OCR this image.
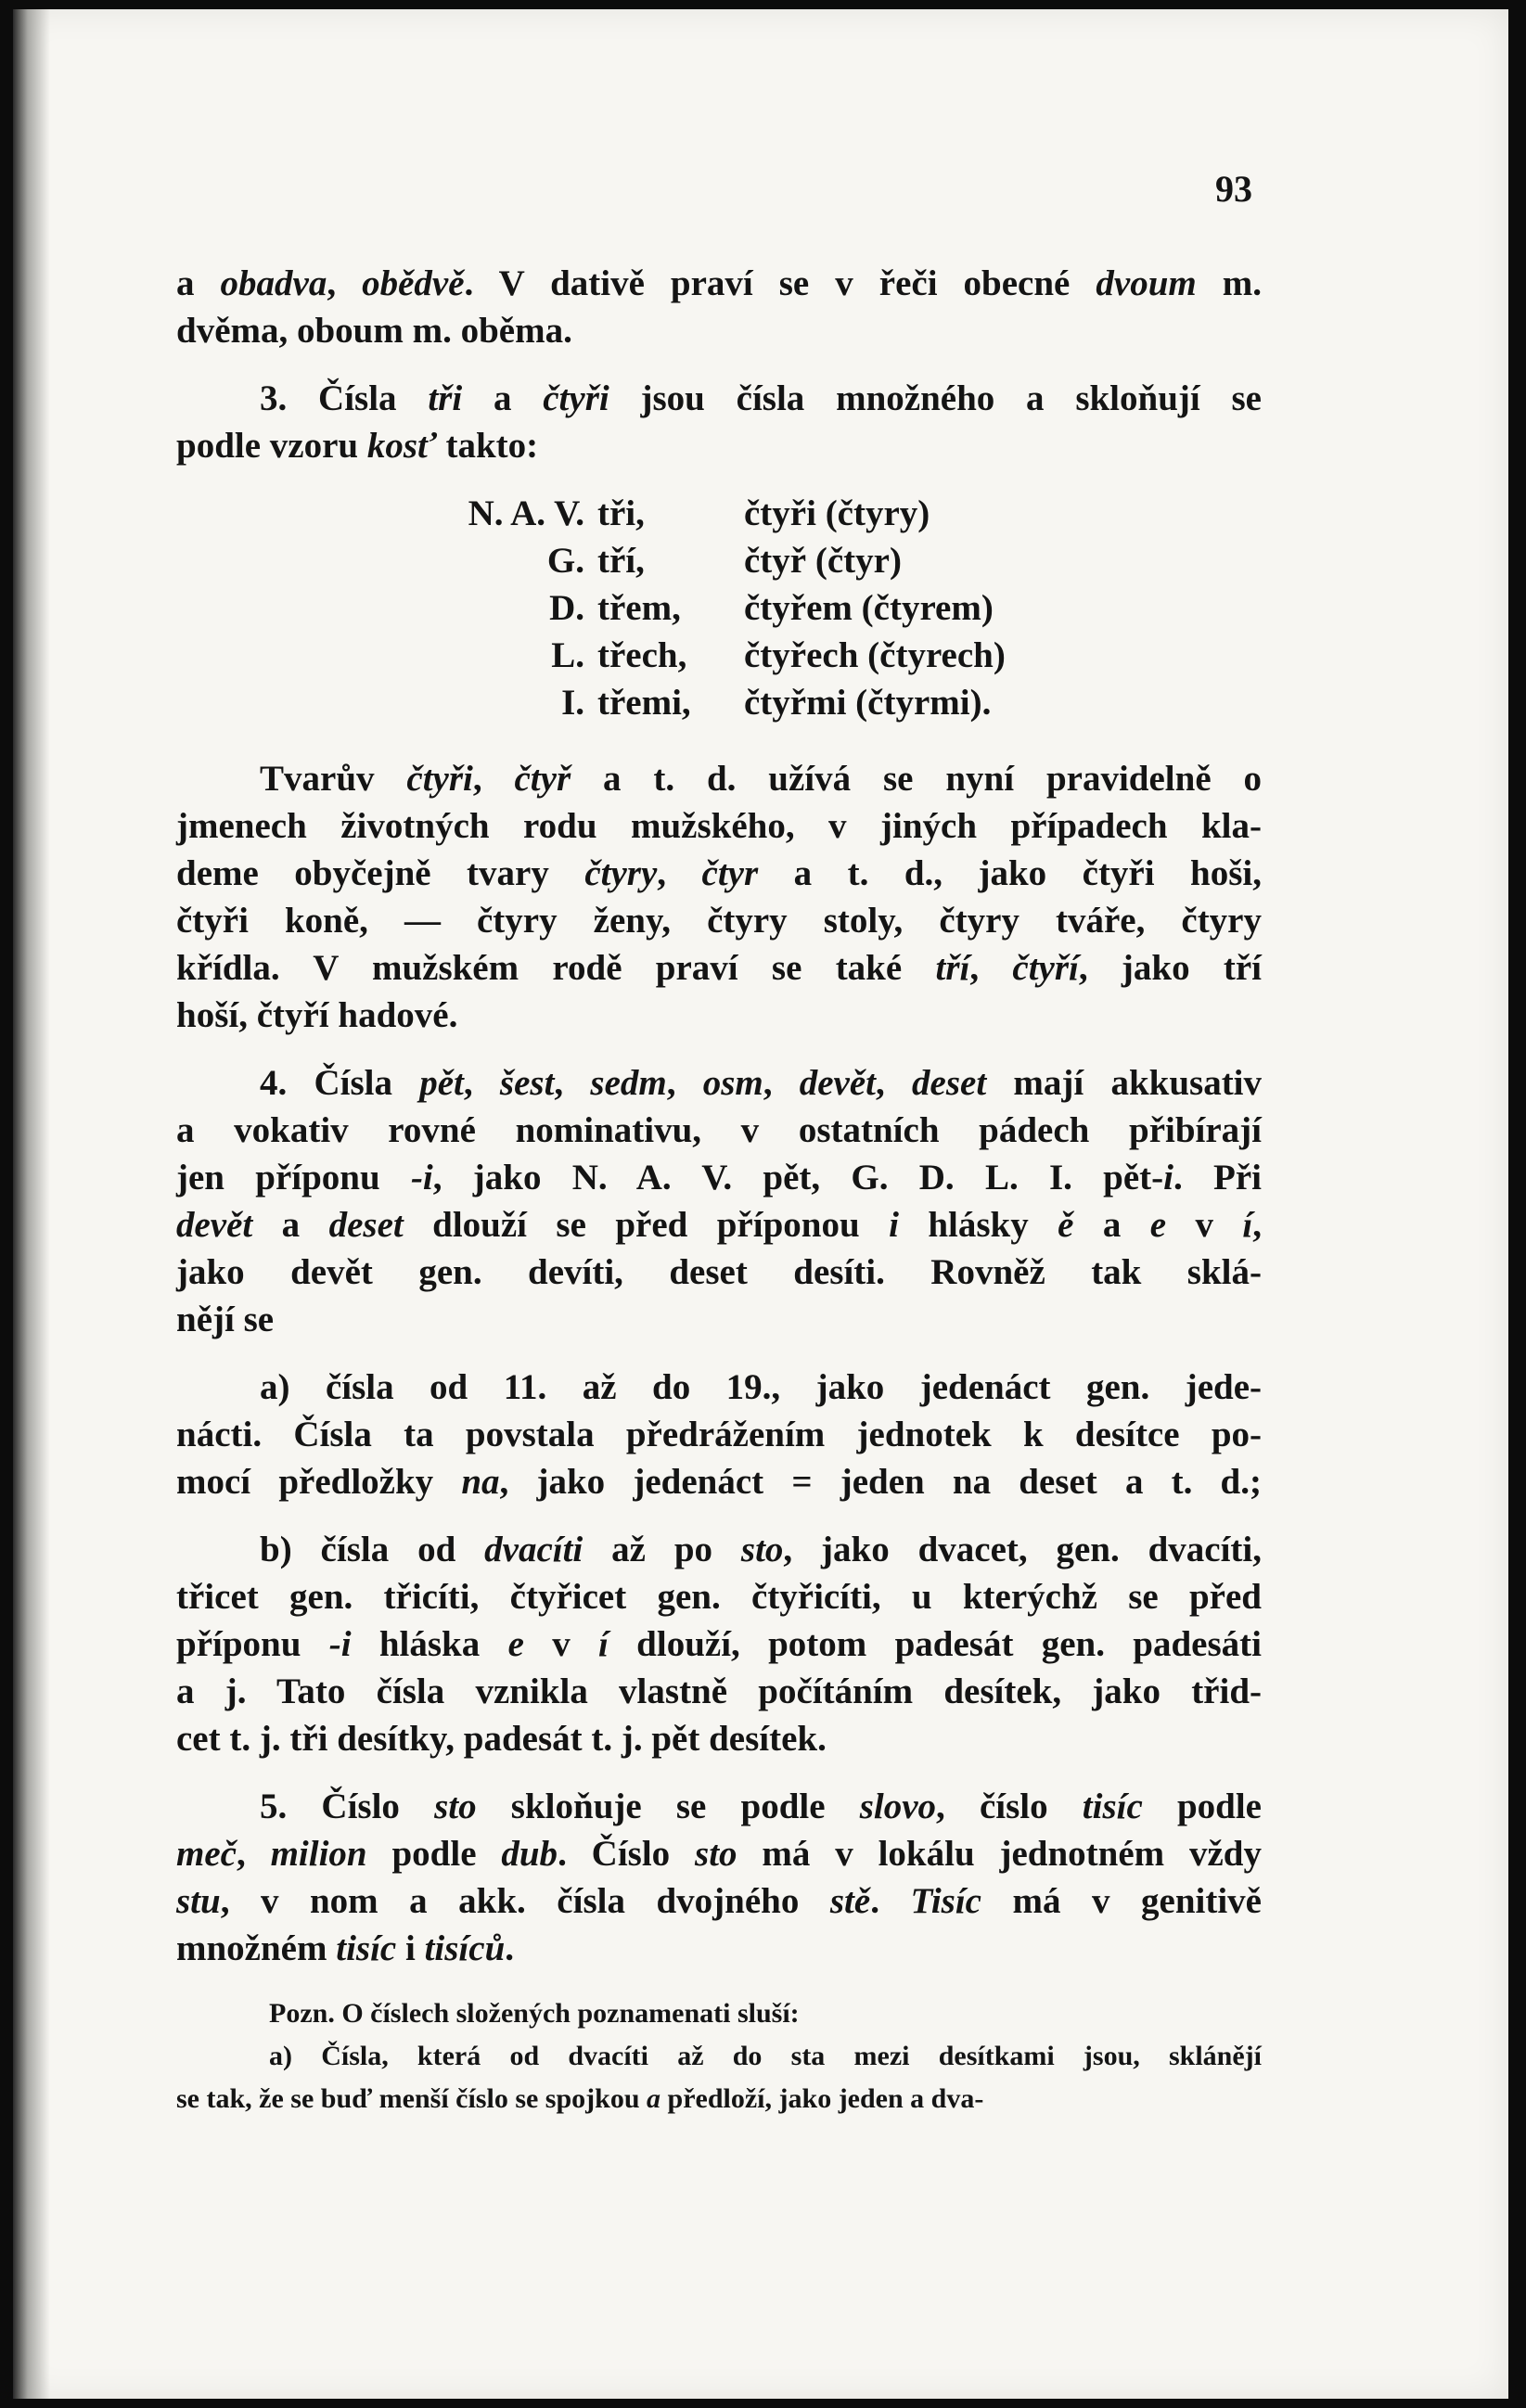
93
a obadva, obědvě. V dativě praví se v řeči obecné dvoum m.
dvěma, oboum m. oběma.
3. Čísla tři a čtyři jsou čísla množného a skloňují se
podle vzoru kosť takto:
N. A. V. tři,	čtyři (čtyry)
G. tří,	čtyř (čtyr)
D. třem, čtyřem (čtyrem)
L. třech, čtyřech (čtyrech)
I. třemi, čtyřmi (čtyrmi).
Tvarův čtyři, čtyř a t. d. užívá se nyní pravidelně o
jmenech životných rodu mužského, v jiných případech kla-
deme obyčejně tvary čtyry, čtyr a t. d., jako čtyři hoši,
čtyři koně, — čtyry ženy, čtyry stoly, čtyry tváře, čtyry
křídla. V mužském rodě praví se také tří, čtyří, jako tří
hoší, čtyří hadové.
4. Čísla pět, šest, sedm, osm, devět, deset mají akkusativ
a vokativ rovné nominativu, v ostatních pádech přibírají
jen příponu -i, jako N. A. V. pět, G. D. L. I. pět-i. Při
devět a deset dlouží se před příponou i hlásky ě a e v í,
jako devět gen. devíti, deset desíti. Rovněž tak sklá-
nějí se
a) čísla od 11. až do 19., jako jedenáct gen. jede-
nácti. Čísla ta povstala předrážením jednotek k desítce po-
mocí předložky na, jako jedenáct = jeden na deset a t. d.;
b) čísla od dvacíti až po sto, jako dvacet, gen. dvacíti,
třicet gen. třicíti, čtyřicet gen. čtyřicíti, u kterýchž se před
příponu -i hláska e v í dlouží, potom padesát gen. padesáti
a j. Tato čísla vznikla vlastně počítáním desítek, jako třid-
cet t. j. tři desítky, padesát t. j. pět desítek.
5. Číslo sto skloňuje se podle slovo, číslo tisíc podle
meč, milion podle dub. Číslo sto má v lokálu jednotném vždy
stu, v nom a akk. čísla dvojného stě. Tisíc má v genitivě
množném tisíc i tisíců.
Pozn. O číslech složených poznamenati sluší:
a) Čísla, která od dvacíti až do sta mezi desítkami jsou, sklánějí
se tak, že se buď menší číslo se spojkou a předloží, jako jeden a dva-
